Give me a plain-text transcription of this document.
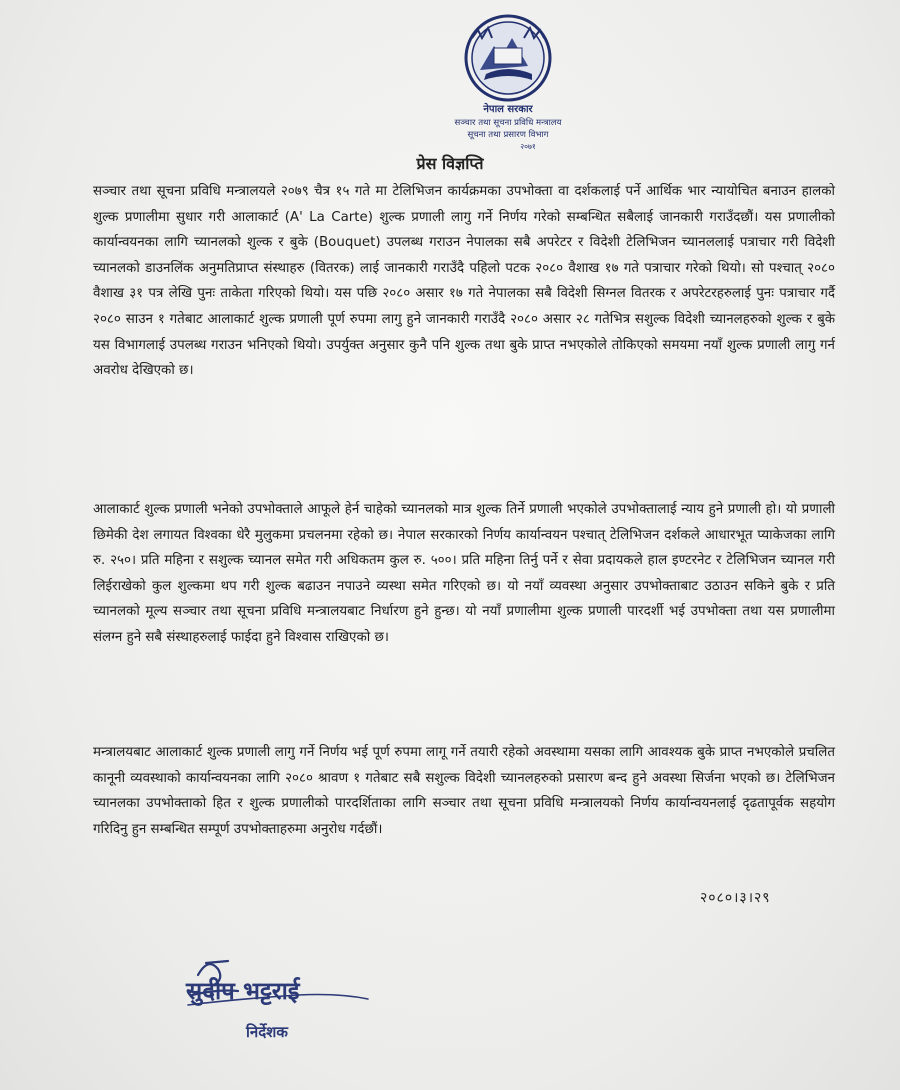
नेपाल सरकार
सञ्चार तथा सूचना प्रविधि मन्त्रालय
सूचना तथा प्रसारण विभाग
२०७१
प्रेस विज्ञप्ति

सञ्चार तथा सूचना प्रविधि मन्त्रालयले २०७९ चैत्र १५ गते मा टेलिभिजन कार्यक्रमका उपभोक्ता वा दर्शकलाई पर्ने आर्थिक भार न्यायोचित बनाउन हालको शुल्क प्रणालीमा सुधार गरी आलाकार्ट (A' La Carte) शुल्क प्रणाली लागु गर्ने निर्णय गरेको सम्बन्धित सबैलाई जानकारी गराउँदछौं। यस प्रणालीको कार्यान्वयनका लागि च्यानलको शुल्क र बुके (Bouquet) उपलब्ध गराउन नेपालका सबै अपरेटर र विदेशी टेलिभिजन च्यानललाई पत्राचार गरी विदेशी च्यानलको डाउनलिंक अनुमतिप्राप्त संस्थाहरु (वितरक) लाई जानकारी गराउँदै पहिलो पटक २०८० वैशाख १७ गते पत्राचार गरेको थियो। सो पश्चात् २०८० वैशाख ३१ पत्र लेखि पुनः ताकेता गरिएको थियो। यस पछि २०८० असार १७ गते नेपालका सबै विदेशी सिग्नल वितरक र अपरेटरहरुलाई पुनः पत्राचार गर्दै २०८० साउन १ गतेबाट आलाकार्ट शुल्क प्रणाली पूर्ण रुपमा लागु हुने जानकारी गराउँदै २०८० असार २८ गतेभित्र सशुल्क विदेशी च्यानलहरुको शुल्क र बुके यस विभागलाई उपलब्ध गराउन भनिएको थियो। उपर्युक्त अनुसार कुनै पनि शुल्क तथा बुके प्राप्त नभएकोले तोकिएको समयमा नयाँ शुल्क प्रणाली लागु गर्न अवरोध देखिएको छ।

आलाकार्ट शुल्क प्रणाली भनेको उपभोक्ताले आफूले हेर्न चाहेको च्यानलको मात्र शुल्क तिर्ने प्रणाली भएकोले उपभोक्तालाई न्याय हुने प्रणाली हो। यो प्रणाली छिमेकी देश लगायत विश्वका धेरै मुलुकमा प्रचलनमा रहेको छ। नेपाल सरकारको निर्णय कार्यान्वयन पश्चात् टेलिभिजन दर्शकले आधारभूत प्याकेजका लागि रु. २५०। प्रति महिना र सशुल्क च्यानल समेत गरी अधिकतम कुल रु. ५००। प्रति महिना तिर्नु पर्ने र सेवा प्रदायकले हाल इण्टरनेट र टेलिभिजन च्यानल गरी लिईराखेको कुल शुल्कमा थप गरी शुल्क बढाउन नपाउने व्यस्था समेत गरिएको छ। यो नयाँ व्यवस्था अनुसार उपभोक्ताबाट उठाउन सकिने बुके र प्रति च्यानलको मूल्य सञ्चार तथा सूचना प्रविधि मन्त्रालयबाट निर्धारण हुने हुन्छ। यो नयाँ प्रणालीमा शुल्क प्रणाली पारदर्शी भई उपभोक्ता तथा यस प्रणालीमा संलग्न हुने सबै संस्थाहरुलाई फाईदा हुने विश्वास राखिएको छ।

मन्त्रालयबाट आलाकार्ट शुल्क प्रणाली लागु गर्ने निर्णय भई पूर्ण रुपमा लागू गर्ने तयारी रहेको अवस्थामा यसका लागि आवश्यक बुके प्राप्त नभएकोले प्रचलित कानूनी व्यवस्थाको कार्यान्वयनका लागि २०८० श्रावण १ गतेबाट सबै सशुल्क विदेशी च्यानलहरुको प्रसारण बन्द हुने अवस्था सिर्जना भएको छ। टेलिभिजन च्यानलका उपभोक्ताको हित र शुल्क प्रणालीको पारदर्शिताका लागि सञ्चार तथा सूचना प्रविधि मन्त्रालयको निर्णय कार्यान्वयनलाई दृढतापूर्वक सहयोग गरिदिनु हुन सम्बन्धित सम्पूर्ण उपभोक्ताहरुमा अनुरोध गर्दछौं।

२०८०।३।२९
सुदीप भट्टराई
निर्देशक
